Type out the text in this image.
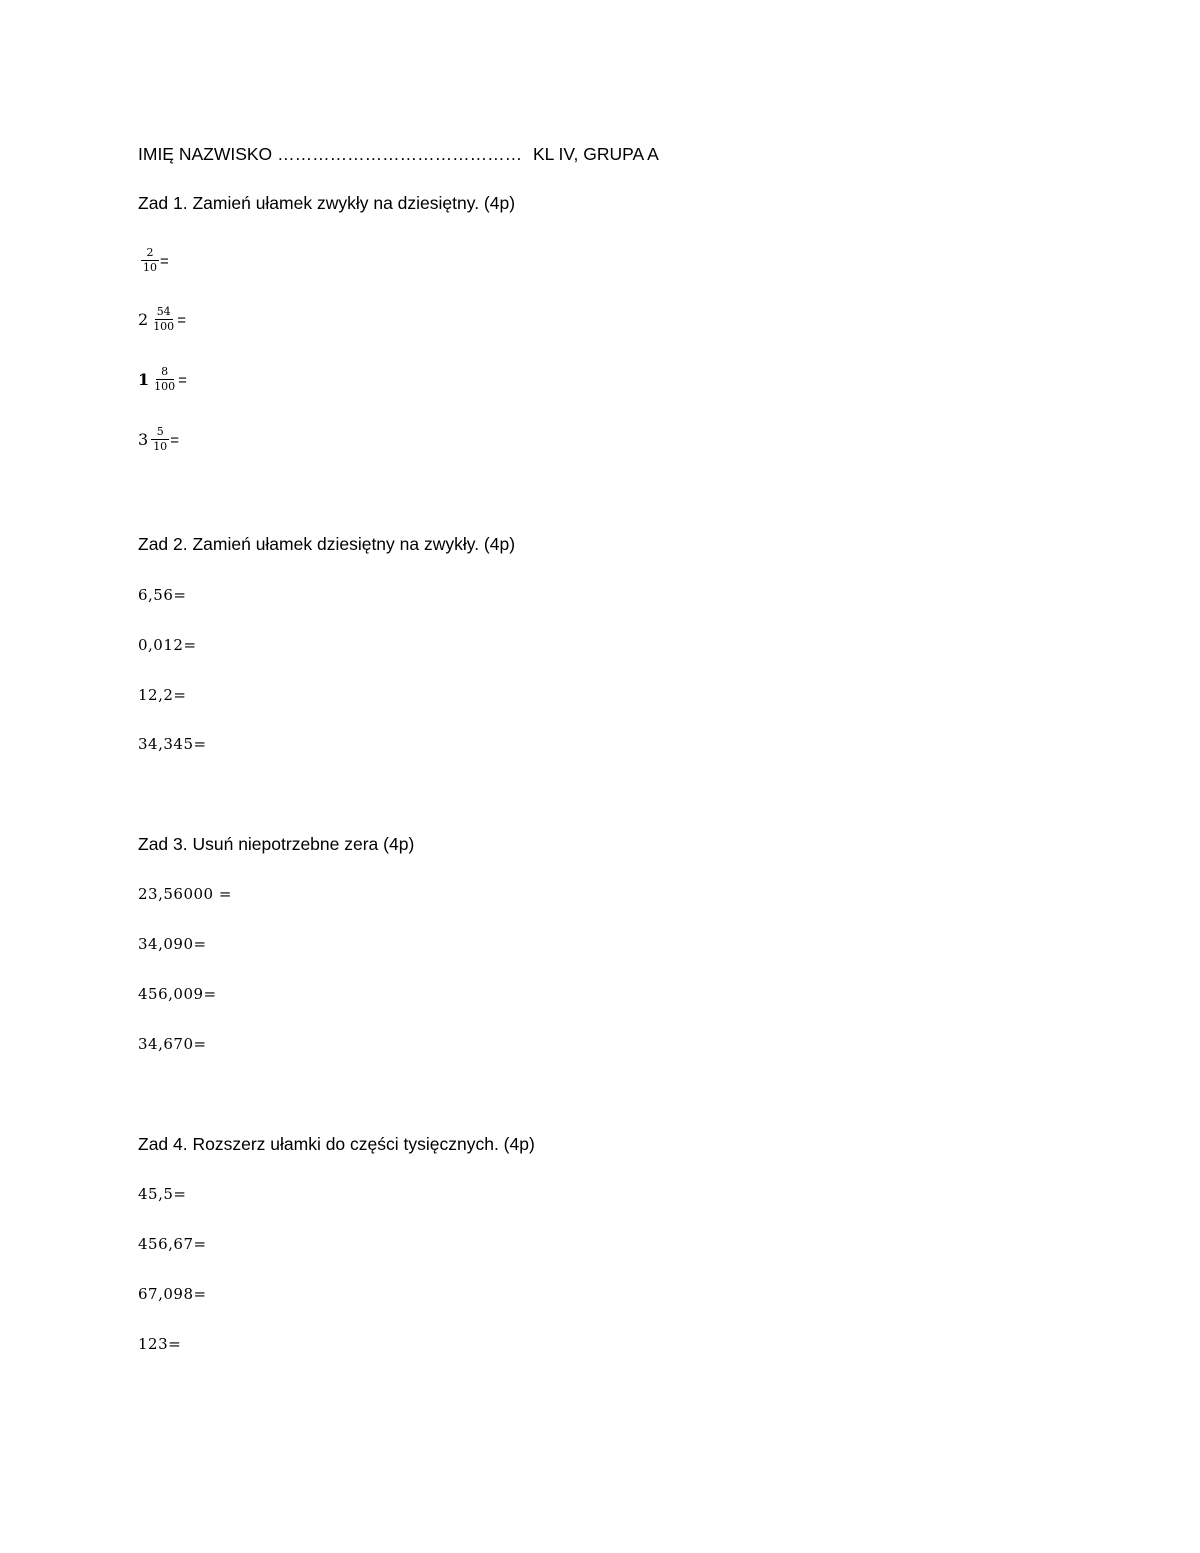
IMIĘ NAZWISKO …………………………………… KL IV, GRUPA A
Zad 1. Zamień ułamek zwykły na dziesiętny. (4p)
$\frac{2}{10}$ =
$2 \frac{54}{100}$ =
$1 \frac{8}{100}$ =
$3 \frac{5}{10}$ =
Zad 2. Zamień ułamek dziesiętny na zwykły. (4p)
6,56=
0,012=
12,2=
34,345=
Zad 3. Usuń niepotrzebne zera (4p)
23,56000 =
34,090=
456,009=
34,670=
Zad 4. Rozszerz ułamki do części tysięcznych. (4p)
45,5=
456,67=
67,098=
123=
